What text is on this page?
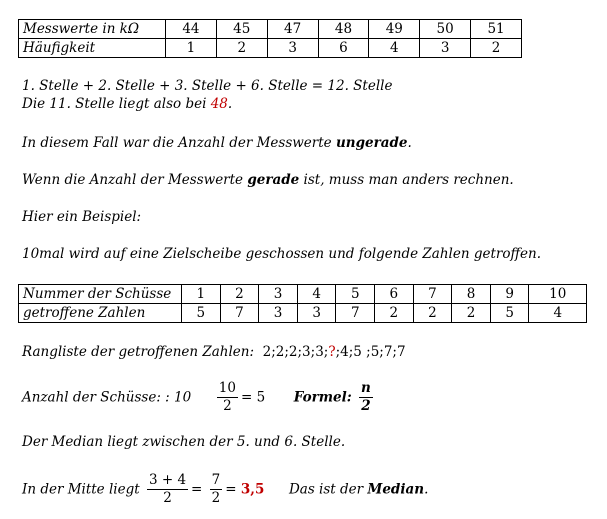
Messwerte in kΩ	44	45	47	48	49	50	51
Häufigkeit	1	2	3	6	4	3	2
1. Stelle + 2. Stelle + 3. Stelle + 6. Stelle = 12. Stelle
Die 11. Stelle liegt also bei 48.
In diesem Fall war die Anzahl der Messwerte ungerade.
Wenn die Anzahl der Messwerte gerade ist, muss man anders rechnen.
Hier ein Beispiel:
10mal wird auf eine Zielscheibe geschossen und folgende Zahlen getroffen.
Nummer der Schüsse	1	2	3	4	5	6	7	8	9	10
getroffene Zahlen	5	7	3	3	7	2	2	2	5	4
Rangliste der getroffenen Zahlen: 2;2;2;3;3;?;4;5 ;5;7;7
Anzahl der Schüsse: : $10 \frac{10}{2} = 5$ Formel: $\frac{n}{2}$
Der Median liegt zwischen der 5. und 6. Stelle.
In der Mitte liegt $\frac{3 + 4}{2} = \frac{7}{2} = 3,5$ Das ist der Median.
